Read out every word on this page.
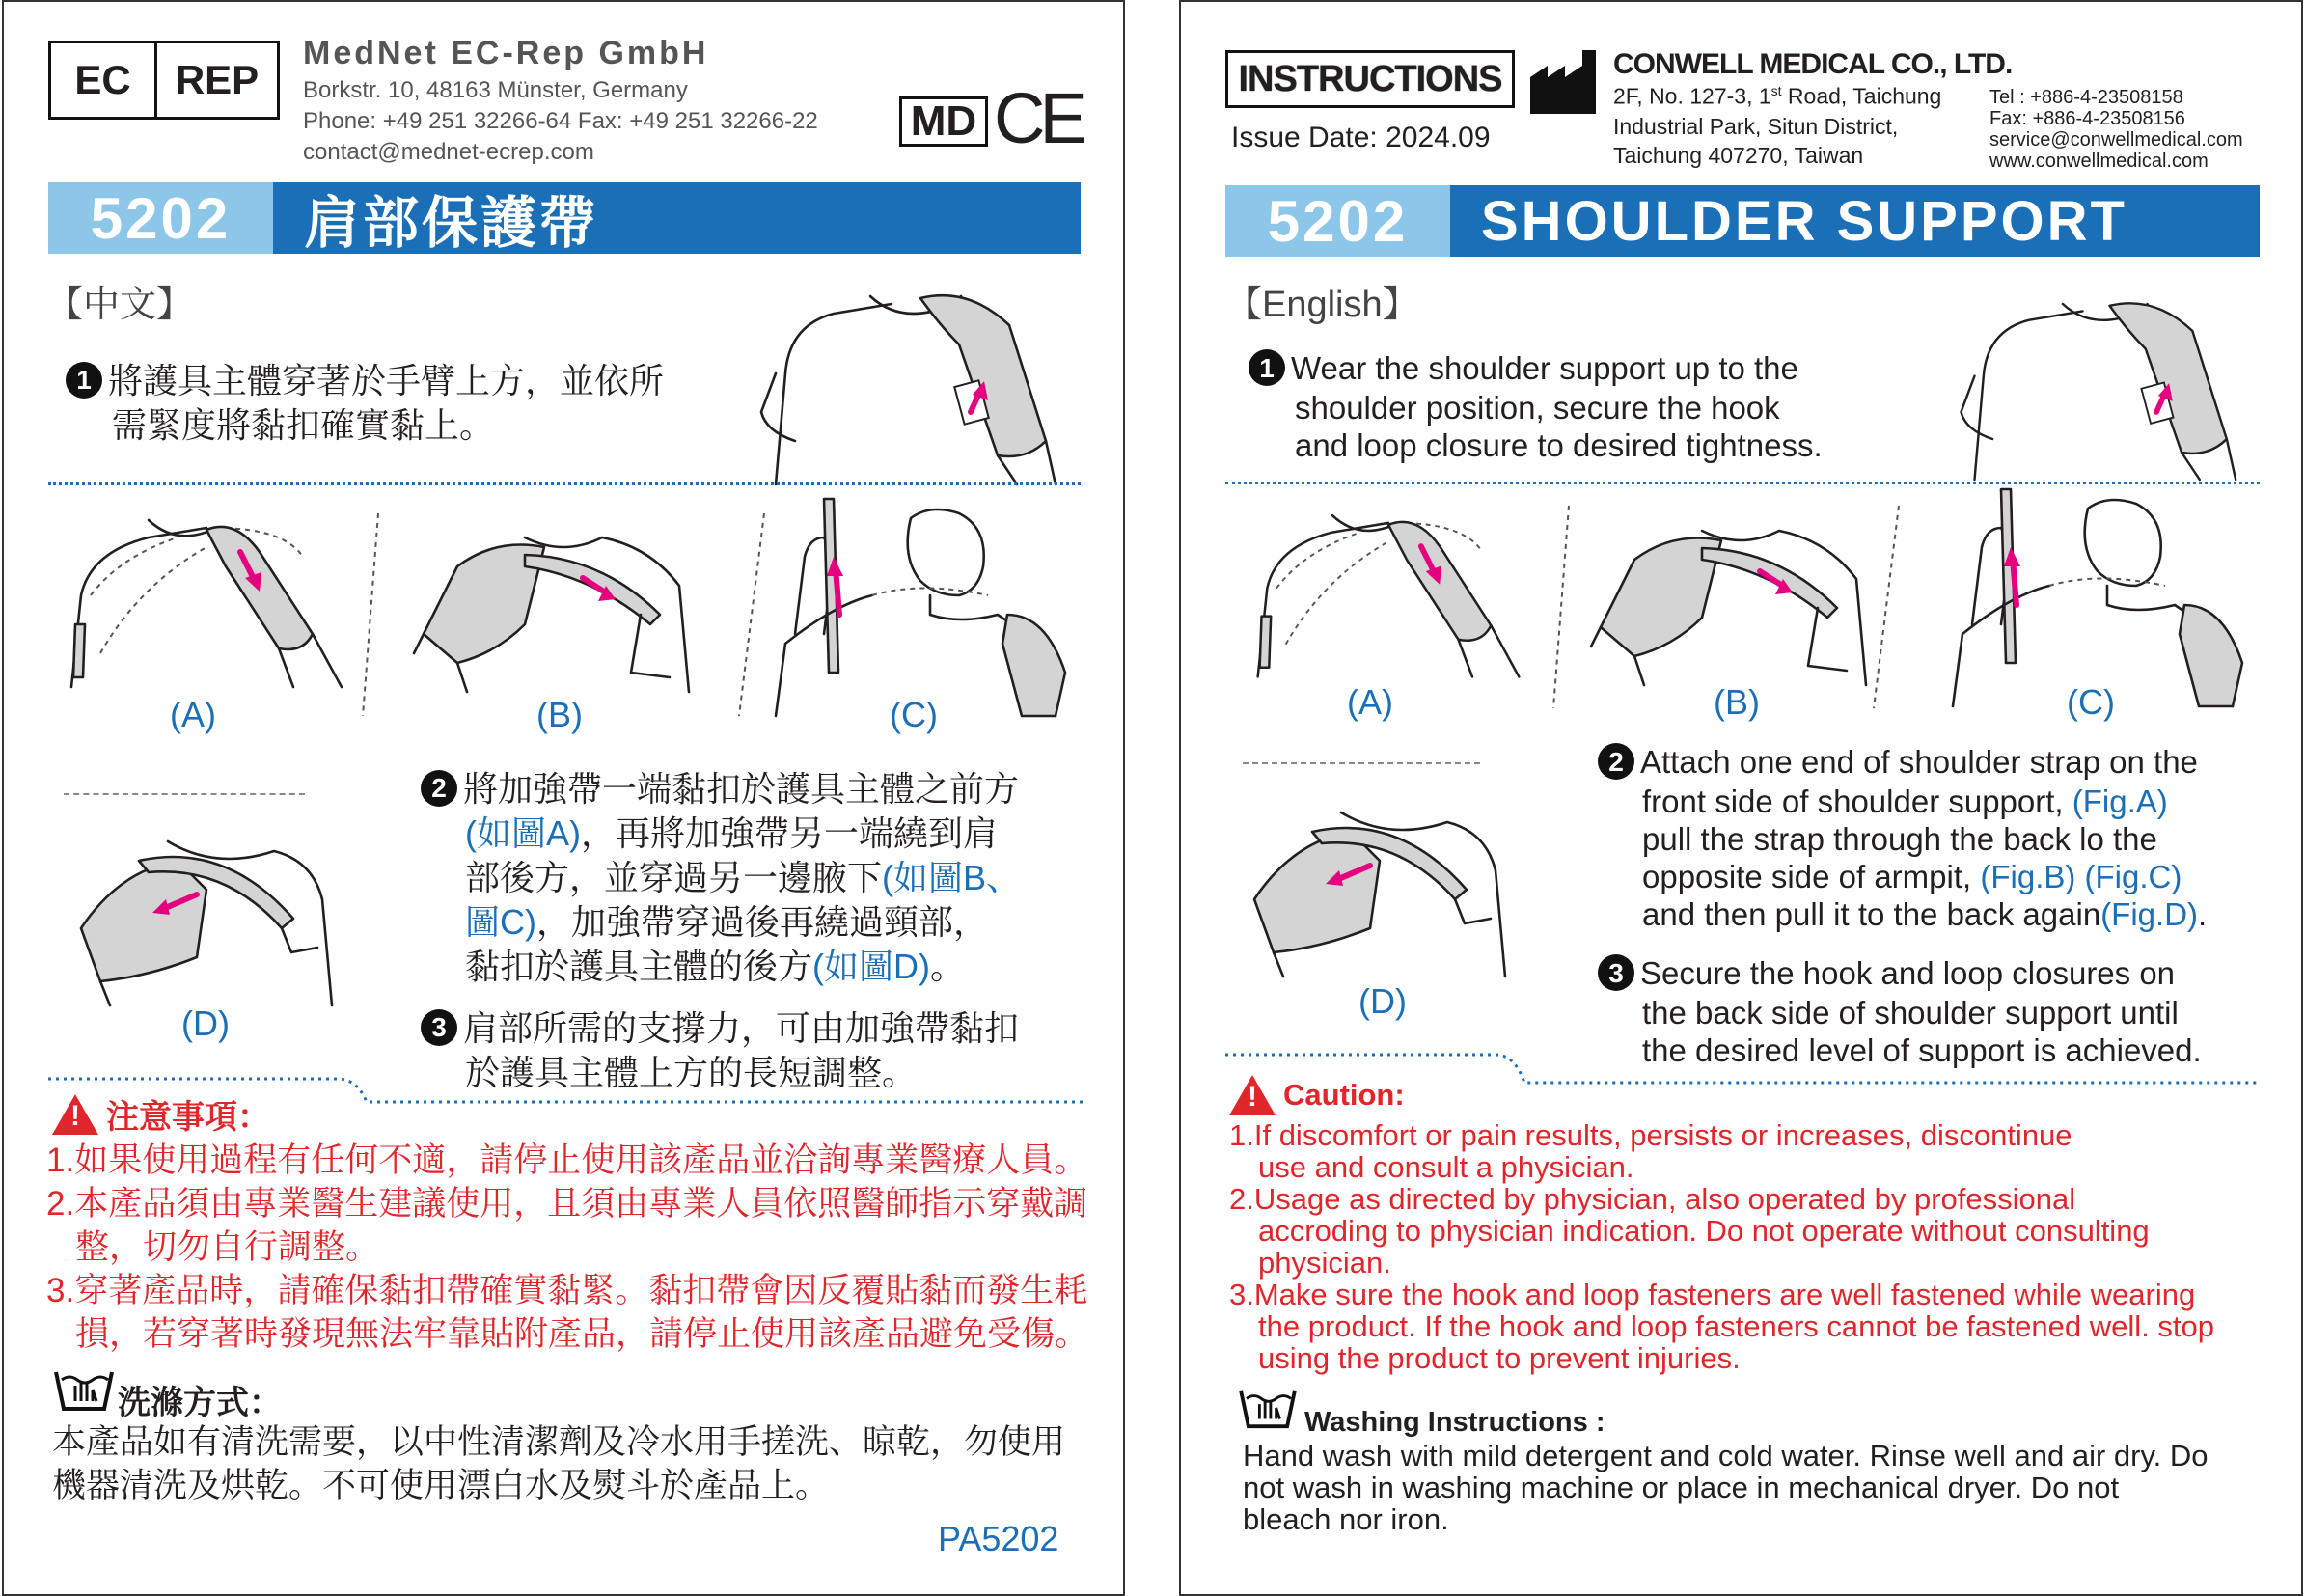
EC	REP
MedNet EC-Rep GmbH
Borkstr. 10, 48163 Münster, Germany
Phone: +49 251 32266-64 Fax: +49 251 32266-22
contact@mednet-ecrep.com
MD CE
5202	肩部保護帶
【中文】
1 將護具主體穿著於手臂上方，並依所
需緊度將黏扣確實黏上。
(A)	(B)	(C)
(D)
2 將加強帶一端黏扣於護具主體之前方
(如圖A)，再將加強帶另一端繞到肩
部後方，並穿過另一邊腋下(如圖B、
圖C)，加強帶穿過後再繞過頸部，
黏扣於護具主體的後方(如圖D)。
3 肩部所需的支撐力，可由加強帶黏扣
於護具主體上方的長短調整。
!
注意事項：
1.如果使用過程有任何不適，請停止使用該產品並洽詢專業醫療人員。
2.本產品須由專業醫生建議使用，且須由專業人員依照醫師指示穿戴調
整，切勿自行調整。
3.穿著產品時，請確保黏扣帶確實黏緊。黏扣帶會因反覆貼黏而發生耗
損，若穿著時發現無法牢靠貼附產品，請停止使用該產品避免受傷。
洗滌方式：
本產品如有清洗需要，以中性清潔劑及冷水用手搓洗、晾乾，勿使用
機器清洗及烘乾。不可使用漂白水及熨斗於產品上。
PA5202
INSTRUCTIONS
Issue Date: 2024.09
CONWELL MEDICAL CO., LTD.
2F, No. 127-3, 1st Road, Taichung
Industrial Park, Situn District,
Taichung 407270, Taiwan
Tel : +886-4-23508158
Fax: +886-4-23508156
service@conwellmedical.com
www.conwellmedical.com
5202	SHOULDER SUPPORT
【English】
1 Wear the shoulder support up to the
shoulder position, secure the hook
and loop closure to desired tightness.
(A)	(B)	(C)
(D)
2 Attach one end of shoulder strap on the
front side of shoulder support, (Fig.A)
pull the strap through the back lo the
opposite side of armpit, (Fig.B) (Fig.C)
and then pull it to the back again(Fig.D).
3 Secure the hook and loop closures on
the back side of shoulder support until
the desired level of support is achieved.
!
Caution:
1.If discomfort or pain results, persists or increases, discontinue
use and consult a physician.
2.Usage as directed by physician, also operated by professional
accroding to physician indication. Do not operate without consulting
physician.
3.Make sure the hook and loop fasteners are well fastened while wearing
the product. If the hook and loop fasteners cannot be fastened well. stop
using the product to prevent injuries.
Washing Instructions :
Hand wash with mild detergent and cold water. Rinse well and air dry. Do
not wash in washing machine or place in mechanical dryer. Do not
bleach nor iron.
